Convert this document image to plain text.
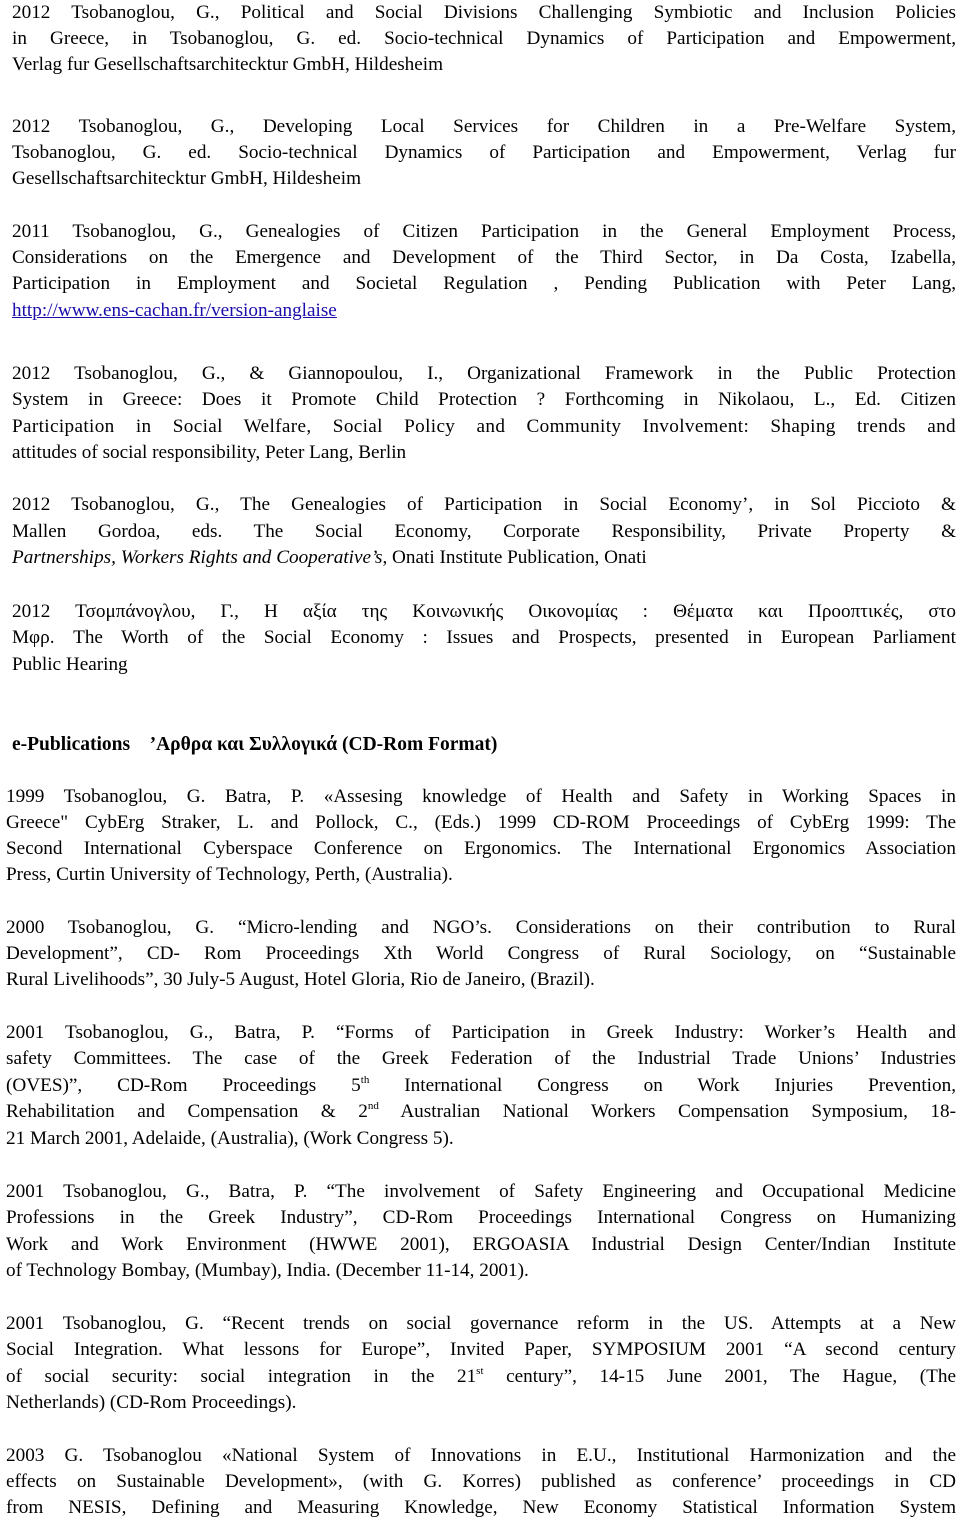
2012 Tsobanoglou, G., Political and Social Divisions Challenging Symbiotic and Inclusion Policies
in Greece, in Tsobanoglou, G. ed. Socio-technical Dynamics of Participation and Empowerment,
Verlag fur Gesellschaftsarchitecktur GmbH, Hildesheim
2012 Tsobanoglou, G., Developing Local Services for Children in a Pre-Welfare System,
Tsobanoglou, G. ed. Socio-technical Dynamics of Participation and Empowerment, Verlag fur
Gesellschaftsarchitecktur GmbH, Hildesheim
2011 Tsobanoglou, G., Genealogies of Citizen Participation in the General Employment Process,
Considerations on the Emergence and Development of the Third Sector, in Da Costa, Izabella,
Participation in Employment and Societal Regulation , Pending Publication with Peter Lang,
http://www.ens-cachan.fr/version-anglaise
2012 Tsobanoglou, G., & Giannopoulou, I., Organizational Framework in the Public Protection
System in Greece: Does it Promote Child Protection ? Forthcoming in Nikolaou, L., Ed. Citizen
Participation in Social Welfare, Social Policy and Community Involvement: Shaping trends and
attitudes of social responsibility, Peter Lang, Berlin
2012 Tsobanoglou, G., The Genealogies of Participation in Social Economy’, in Sol Piccioto &
Mallen Gordoa, eds. The Social Economy, Corporate Responsibility, Private Property &
Partnerships, Workers Rights and Cooperative’s, Onati Institute Publication, Onati
2012 Τσομπάνογλου, Γ., Η αξία της Κοινωνικής Οικονομίας : Θέματα και Προοπτικές, στο
Μφρ. The Worth of the Social Economy : Issues and Prospects, presented in European Parliament
Public Hearing
e-Publications    ’Αρθρα και Συλλογικά (CD-Rom Format)
1999 Tsobanoglou, G. Batra, P. «Assesing knowledge of Health and Safety in Working Spaces in
Greece" CybErg Straker, L. and Pollock, C., (Eds.) 1999 CD-ROM Proceedings of CybErg 1999: The
Second International Cyberspace Conference on Ergonomics. The International Ergonomics Association
Press, Curtin University of Technology, Perth, (Australia).
2000 Tsobanoglou, G. “Micro-lending and NGO’s. Considerations on their contribution to Rural
Development”, CD- Rom Proceedings Xth World Congress of Rural Sociology, on “Sustainable
Rural Livelihoods”, 30 July-5 August, Hotel Gloria, Rio de Janeiro, (Brazil).
2001 Tsobanoglou, G., Batra, P. “Forms of Participation in Greek Industry: Worker’s Health and
safety Committees. The case of the Greek Federation of the Industrial Trade Unions’ Industries
(OVES)”,   CD-Rom   Proceedings   5th   International   Congress   on   Work   Injuries   Prevention,
Rehabilitation and Compensation & 2nd Australian National Workers Compensation Symposium, 18-
21 March 2001, Adelaide, (Australia), (Work Congress 5).
2001 Tsobanoglou, G., Batra, P. “The involvement of Safety Engineering and Occupational Medicine
Professions in the Greek Industry”, CD-Rom Proceedings International Congress on Humanizing
Work and Work Environment (HWWE 2001), ERGOASIA Industrial Design Center/Indian Institute
of Technology Bombay, (Mumbay), India. (December 11-14, 2001).
2001 Tsobanoglou, G. “Recent trends on social governance reform in the US. Attempts at a New
Social Integration. What lessons for Europe”, Invited Paper, SYMPOSIUM 2001 “A second century
of social security: social integration in the 21st century”, 14-15 June 2001, The Hague, (The
Netherlands) (CD-Rom Proceedings).
2003 G. Tsobanoglou «National System of Innovations in E.U., Institutional Harmonization and the
effects on Sustainable Development», (with G. Korres) published as conference’ proceedings in CD
from NESIS, Defining and Measuring Knowledge, New Economy Statistical Information System
